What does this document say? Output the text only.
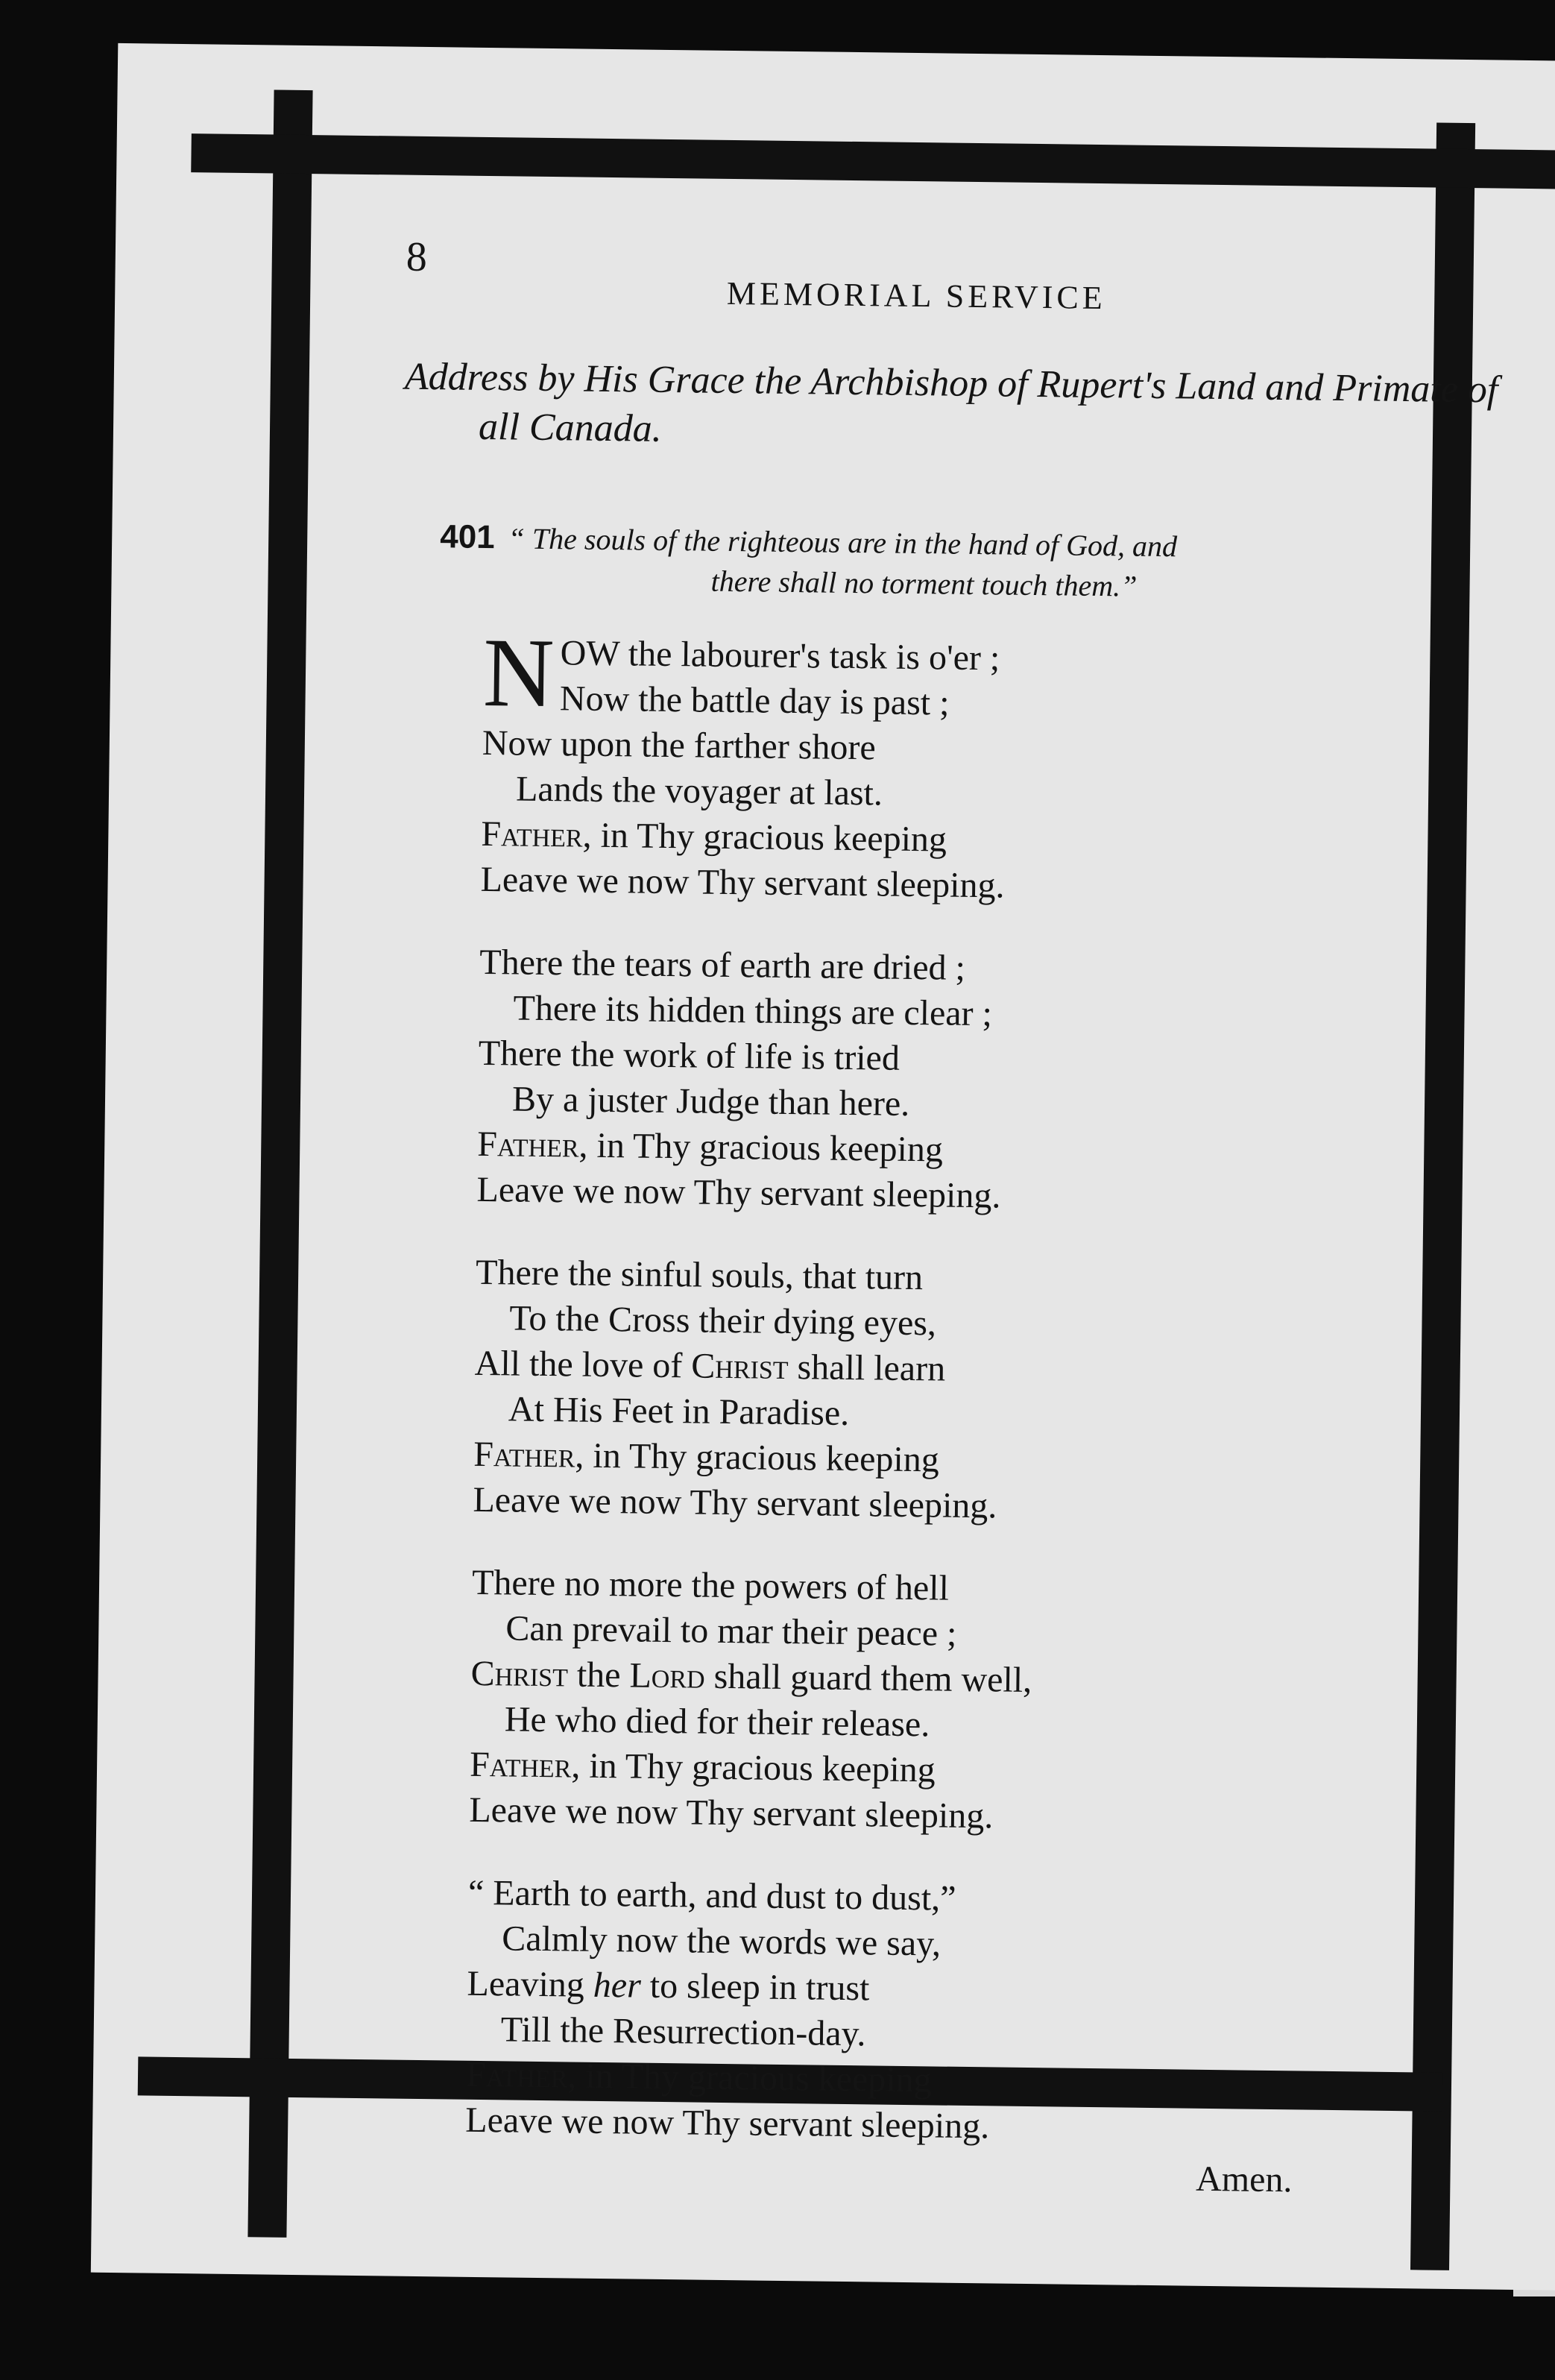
8
MEMORIAL SERVICE
Address by His Grace the Archbishop of Rupert's Land and Primate of all Canada.
401 “ The souls of the righteous are in the hand of God, and
there shall no torment touch them.”
NOW the labourer's task is o'er ;
Now the battle day is past ;
Now upon the farther shore
Lands the voyager at last.
Father, in Thy gracious keeping
Leave we now Thy servant sleeping.
There the tears of earth are dried ;
There its hidden things are clear ;
There the work of life is tried
By a juster Judge than here.
Father, in Thy gracious keeping
Leave we now Thy servant sleeping.
There the sinful souls, that turn
To the Cross their dying eyes,
All the love of Christ shall learn
At His Feet in Paradise.
Father, in Thy gracious keeping
Leave we now Thy servant sleeping.
There no more the powers of hell
Can prevail to mar their peace ;
Christ the Lord shall guard them well,
He who died for their release.
Father, in Thy gracious keeping
Leave we now Thy servant sleeping.
“ Earth to earth, and dust to dust,”
Calmly now the words we say,
Leaving her to sleep in trust
Till the Resurrection-day.
Father, in Thy gracious keeping
Leave we now Thy servant sleeping.
Amen.
